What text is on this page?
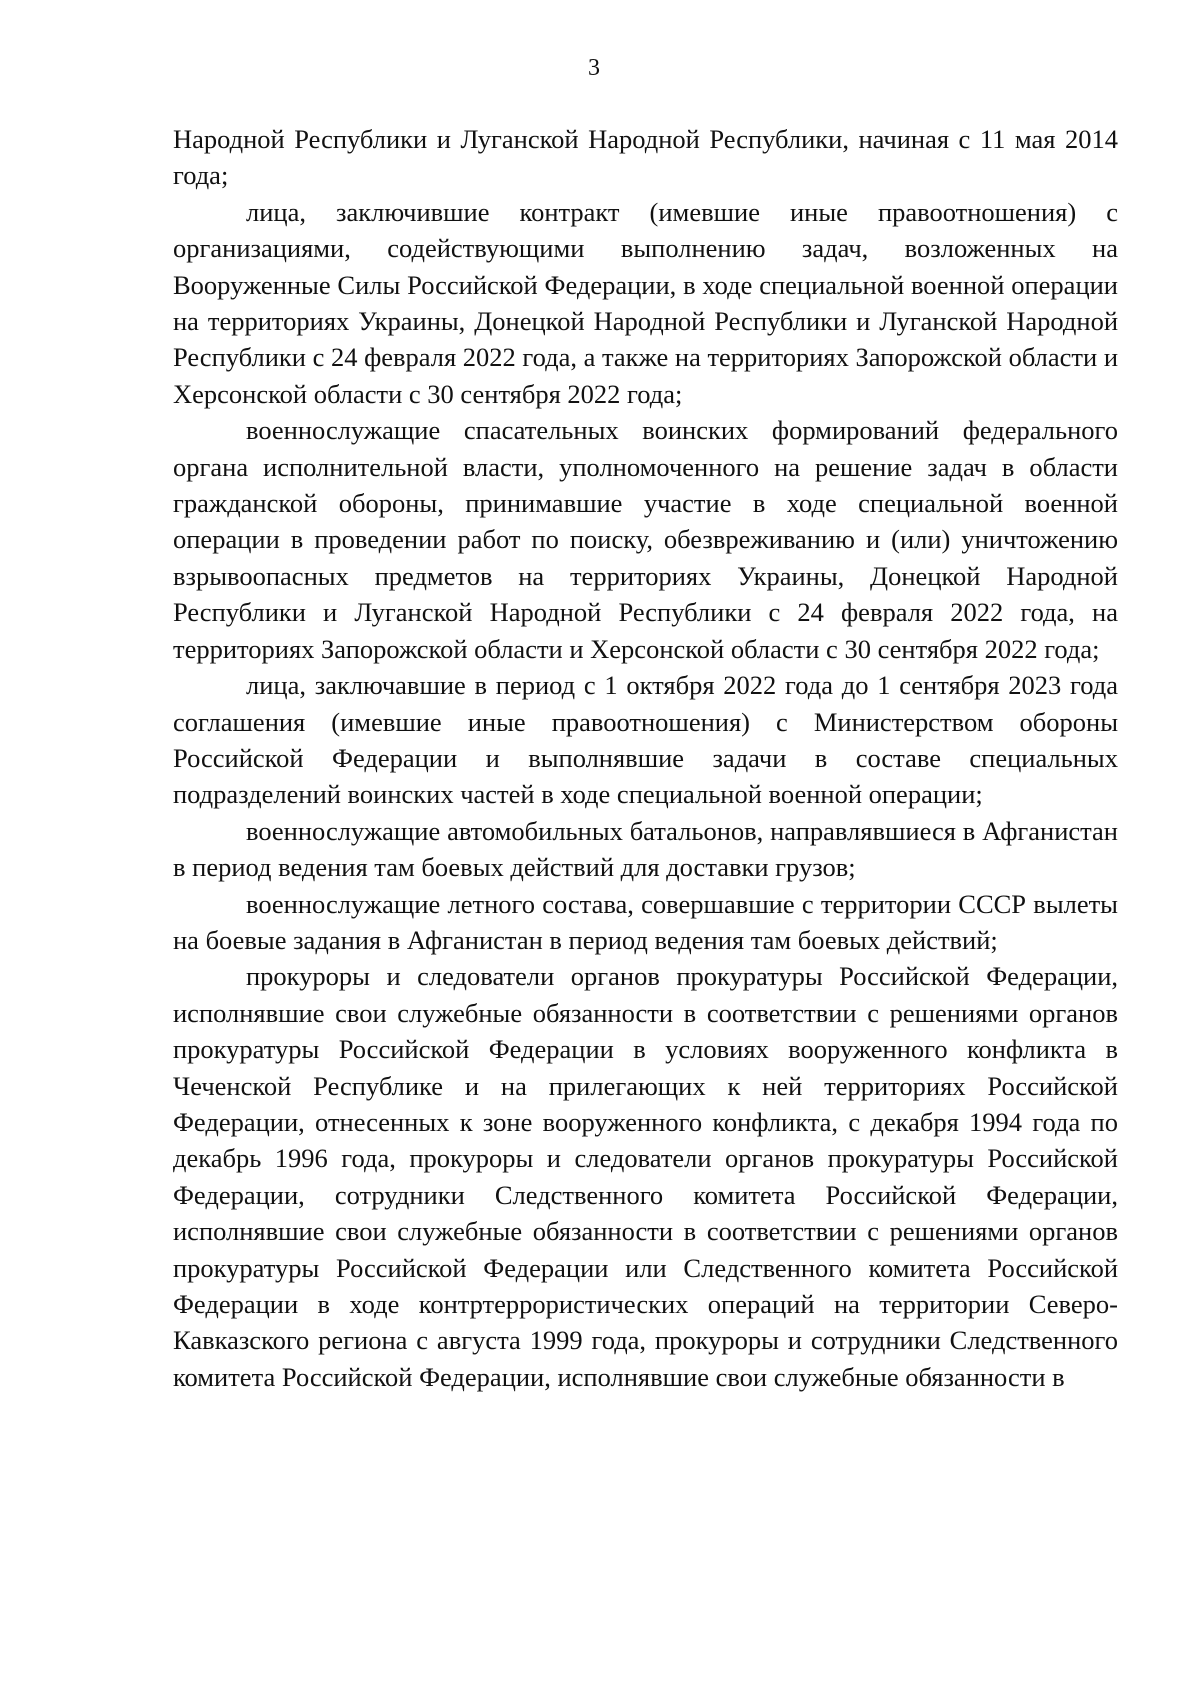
3

Народной Республики и Луганской Народной Республики, начиная с 11 мая 2014 года;

лица, заключившие контракт (имевшие иные правоотношения) с организациями, содействующими выполнению задач, возложенных на Вооруженные Силы Российской Федерации, в ходе специальной военной операции на территориях Украины, Донецкой Народной Республики и Луганской Народной Республики с 24 февраля 2022 года, а также на территориях Запорожской области и Херсонской области с 30 сентября 2022 года;

военнослужащие спасательных воинских формирований федерального органа исполнительной власти, уполномоченного на решение задач в области гражданской обороны, принимавшие участие в ходе специальной военной операции в проведении работ по поиску, обезвреживанию и (или) уничтожению взрывоопасных предметов на территориях Украины, Донецкой Народной Республики и Луганской Народной Республики с 24 февраля 2022 года, на территориях Запорожской области и Херсонской области с 30 сентября 2022 года;

лица, заключавшие в период с 1 октября 2022 года до 1 сентября 2023 года соглашения (имевшие иные правоотношения) с Министерством обороны Российской Федерации и выполнявшие задачи в составе специальных подразделений воинских частей в ходе специальной военной операции;

военнослужащие автомобильных батальонов, направлявшиеся в Афганистан в период ведения там боевых действий для доставки грузов;

военнослужащие летного состава, совершавшие с территории СССР вылеты на боевые задания в Афганистан в период ведения там боевых действий;

прокуроры и следователи органов прокуратуры Российской Федерации, исполнявшие свои служебные обязанности в соответствии с решениями органов прокуратуры Российской Федерации в условиях вооруженного конфликта в Чеченской Республике и на прилегающих к ней территориях Российской Федерации, отнесенных к зоне вооруженного конфликта, с декабря 1994 года по декабрь 1996 года, прокуроры и следователи органов прокуратуры Российской Федерации, сотрудники Следственного комитета Российской Федерации, исполнявшие свои служебные обязанности в соответствии с решениями органов прокуратуры Российской Федерации или Следственного комитета Российской Федерации в ходе контртеррористических операций на территории Северо-Кавказского региона с августа 1999 года, прокуроры и сотрудники Следственного комитета Российской Федерации, исполнявшие свои служебные обязанности в
